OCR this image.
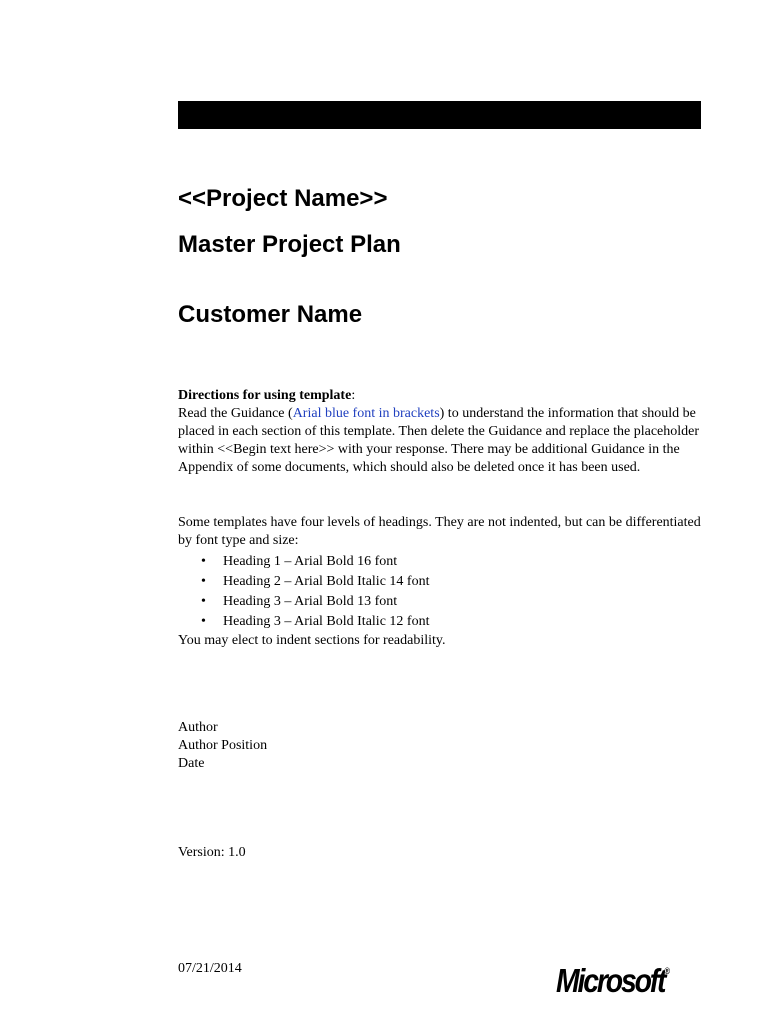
<<Project Name>>
Master Project Plan
Customer Name

Directions for using template:

Read the Guidance (Arial blue font in brackets) to understand the information that should be placed in each section of this template. Then delete the Guidance and replace the placeholder within <<Begin text here>> with your response. There may be additional Guidance in the Appendix of some documents, which should also be deleted once it has been used.

Some templates have four levels of headings. They are not indented, but can be differentiated by font type and size:

• Heading 1 – Arial Bold 16 font
• Heading 2 – Arial Bold Italic 14 font
• Heading 3 – Arial Bold 13 font
• Heading 3 – Arial Bold Italic 12 font

You may elect to indent sections for readability.

Author
Author Position
Date
Version: 1.0
07/21/2014	Microsoft®
